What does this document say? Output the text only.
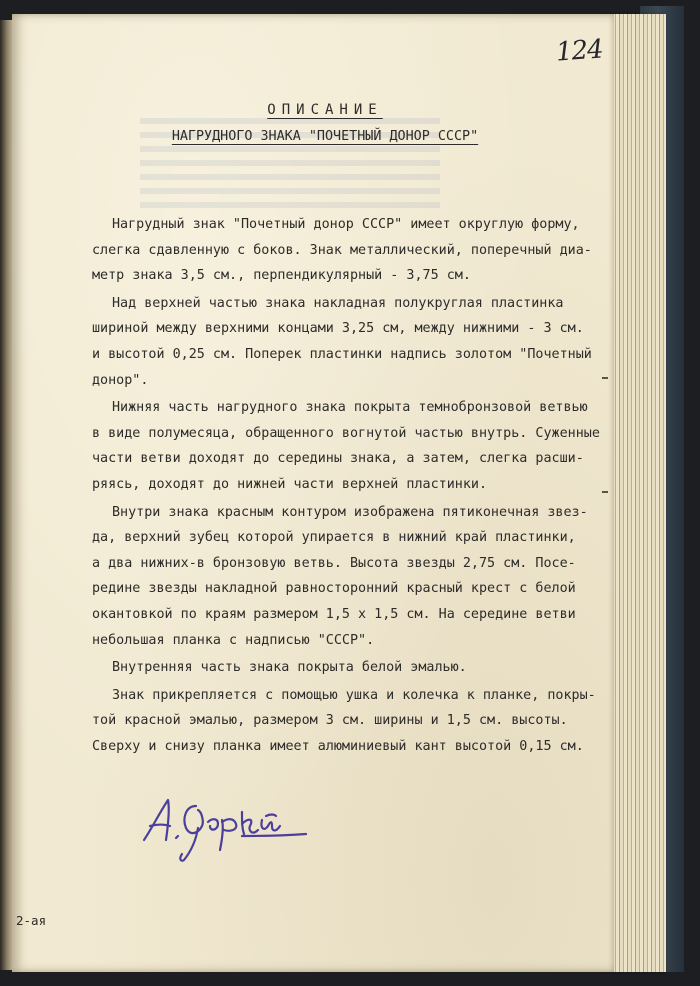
124
ОПИСАНИЕ
НАГРУДНОГО ЗНАКА "ПОЧЕТНЫЙ ДОНОР СССР"
Нагрудный знак "Почетный донор СССР" имеет округлую форму,
слегка сдавленную с боков. Знак металлический, поперечный диа-
метр знака 3,5 см., перпендикулярный - 3,75 см.
Над верхней частью знака накладная полукруглая пластинка
шириной между верхними концами 3,25 см, между нижними - 3 см.
и высотой 0,25 см. Поперек пластинки надпись золотом "Почетный
донор".
Нижняя часть нагрудного знака покрыта темнобронзовой ветвью
в виде полумесяца, обращенного вогнутой частью внутрь. Суженные
части ветви доходят до середины знака, а затем, слегка расши-
ряясь, доходят до нижней части верхней пластинки.
Внутри знака красным контуром изображена пятиконечная звез-
да, верхний зубец которой упирается в нижний край пластинки,
а два нижних-в бронзовую ветвь. Высота звезды 2,75 см. Посе-
редине звезды накладной равносторонний красный крест с белой
окантовкой по краям размером 1,5 х 1,5 см. На середине ветви
небольшая планка с надписью "СССР".
Внутренняя часть знака покрыта белой эмалью.
Знак прикрепляется с помощью ушка и колечка к планке, покры-
той красной эмалью, размером 3 см. ширины и 1,5 см. высоты.
Сверху и снизу планка имеет алюминиевый кант высотой 0,15 см.
2-ая
